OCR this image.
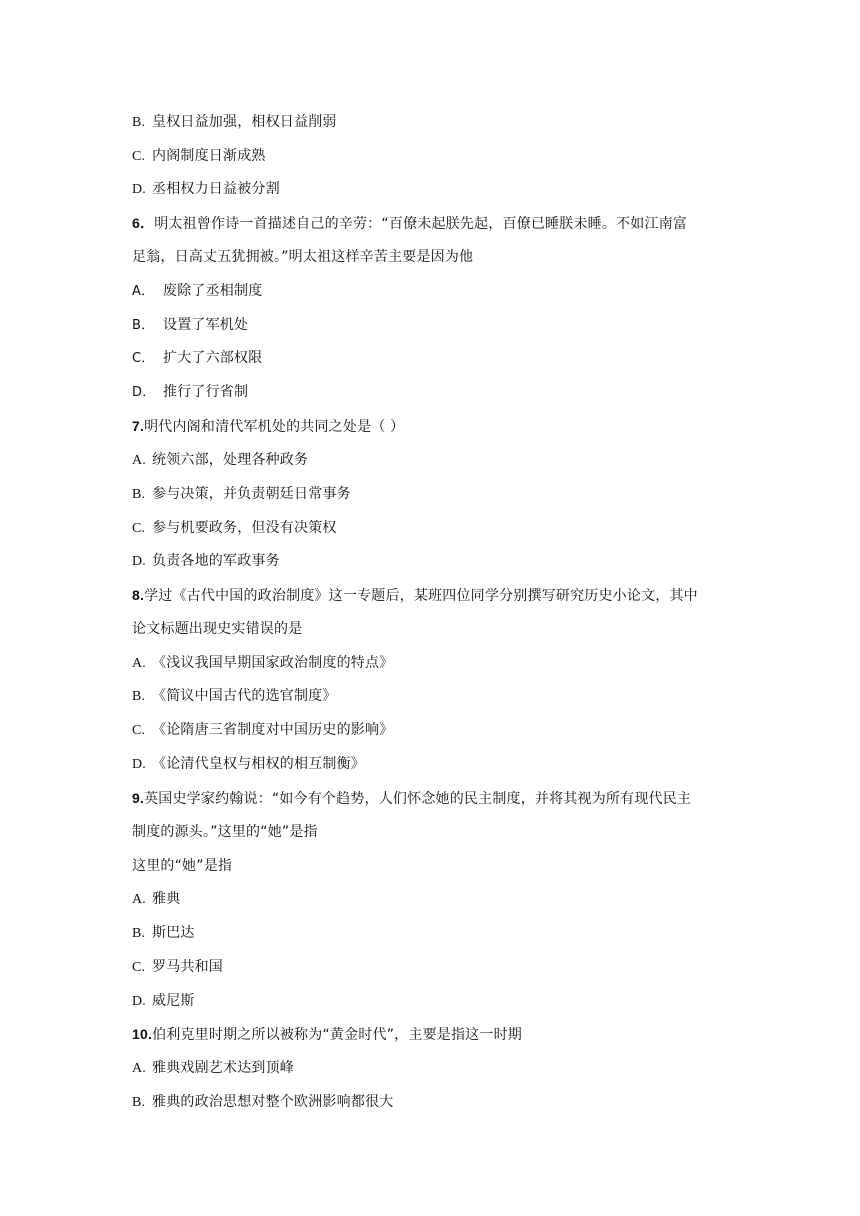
B. 皇权日益加强，相权日益削弱
C. 内阁制度日渐成熟
D. 丞相权力日益被分割
6．明太祖曾作诗一首描述自己的辛劳：“百僚未起朕先起，百僚已睡朕未睡。不如江南富
足翁，日高丈五犹拥被。”明太祖这样辛苦主要是因为他
A． 废除了丞相制度
B． 设置了军机处
C． 扩大了六部权限
D． 推行了行省制
7.明代内阁和清代军机处的共同之处是（ ）
A. 统领六部，处理各种政务
B. 参与决策，并负责朝廷日常事务
C. 参与机要政务，但没有决策权
D. 负责各地的军政事务
8.学过《古代中国的政治制度》这一专题后，某班四位同学分别撰写研究历史小论文，其中
论文标题出现史实错误的是
A. 《浅议我国早期国家政治制度的特点》
B. 《简议中国古代的选官制度》
C. 《论隋唐三省制度对中国历史的影响》
D. 《论清代皇权与相权的相互制衡》
9.英国史学家约翰说：“如今有个趋势，人们怀念她的民主制度，并将其视为所有现代民主
制度的源头。”这里的“她”是指
这里的“她”是指
A. 雅典
B. 斯巴达
C. 罗马共和国
D. 威尼斯
10.伯利克里时期之所以被称为“黄金时代”，主要是指这一时期
A. 雅典戏剧艺术达到顶峰
B. 雅典的政治思想对整个欧洲影响都很大
